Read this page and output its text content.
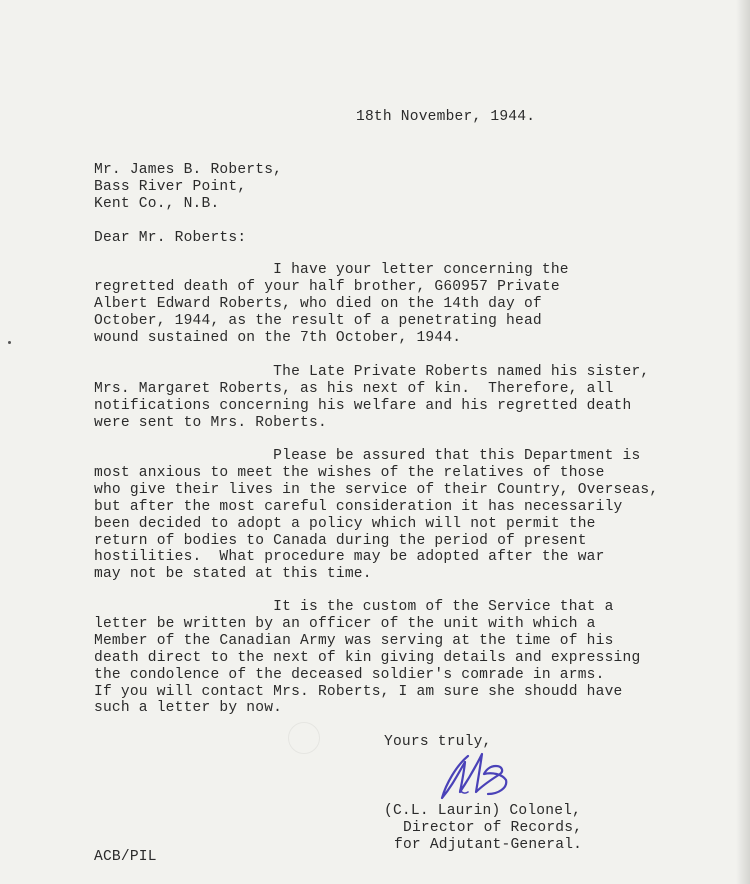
18th November, 1944.
Mr. James B. Roberts,
Bass River Point,
Kent Co., N.B.
Dear Mr. Roberts:
I have your letter concerning the
regretted death of your half brother, G60957 Private
Albert Edward Roberts, who died on the 14th day of
October, 1944, as the result of a penetrating head
wound sustained on the 7th October, 1944.
The Late Private Roberts named his sister,
Mrs. Margaret Roberts, as his next of kin.  Therefore, all
notifications concerning his welfare and his regretted death
were sent to Mrs. Roberts.
Please be assured that this Department is
most anxious to meet the wishes of the relatives of those
who give their lives in the service of their Country, Overseas,
but after the most careful consideration it has necessarily
been decided to adopt a policy which will not permit the
return of bodies to Canada during the period of present
hostilities.  What procedure may be adopted after the war
may not be stated at this time.
It is the custom of the Service that a
letter be written by an officer of the unit with which a
Member of the Canadian Army was serving at the time of his
death direct to the next of kin giving details and expressing
the condolence of the deceased soldier's comrade in arms.
If you will contact Mrs. Roberts, I am sure she shoudd have
such a letter by now.
Yours truly,
(C.L. Laurin) Colonel,
Director of Records,
for Adjutant-General.
ACB/PIL
